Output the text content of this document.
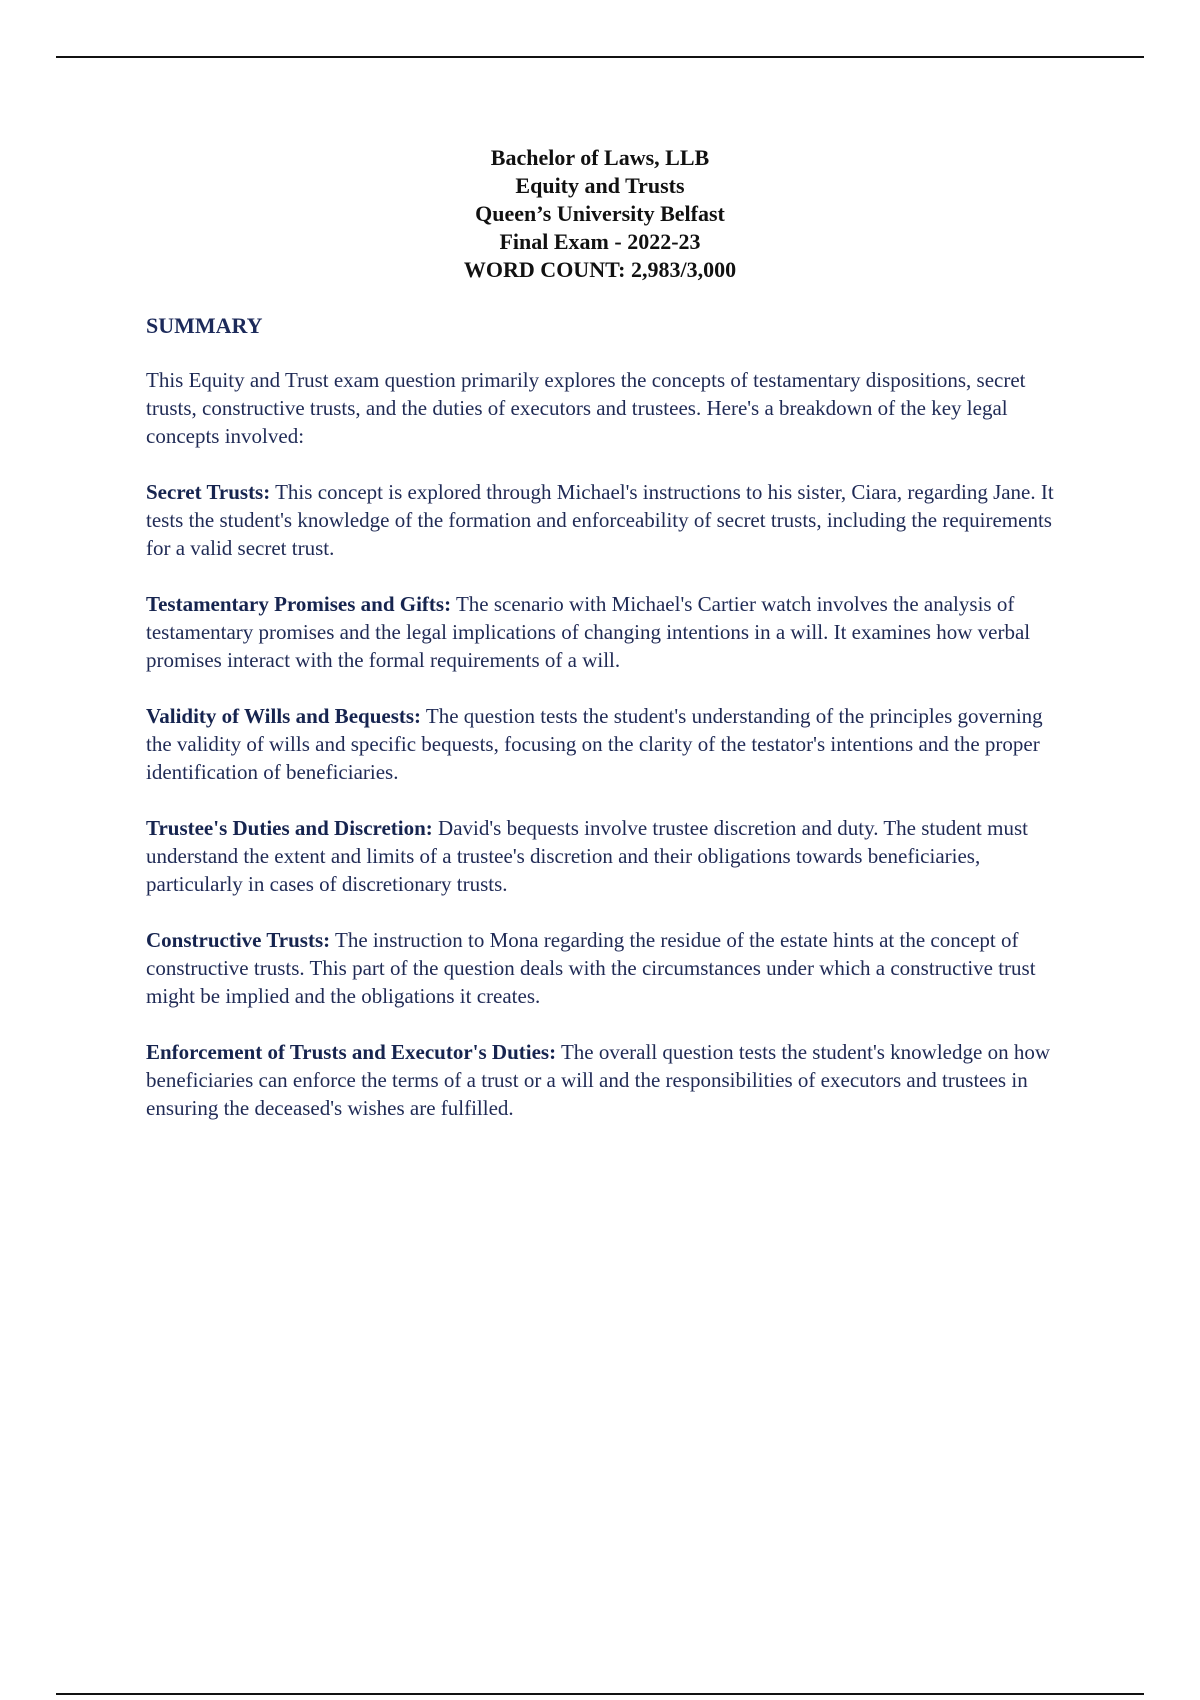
Bachelor of Laws, LLB
Equity and Trusts
Queen’s University Belfast
Final Exam - 2022-23
WORD COUNT: 2,983/3,000
SUMMARY

This Equity and Trust exam question primarily explores the concepts of testamentary dispositions, secret trusts, constructive trusts, and the duties of executors and trustees. Here's a breakdown of the key legal concepts involved:

Secret Trusts: This concept is explored through Michael's instructions to his sister, Ciara, regarding Jane. It tests the student's knowledge of the formation and enforceability of secret trusts, including the requirements for a valid secret trust.

Testamentary Promises and Gifts: The scenario with Michael's Cartier watch involves the analysis of testamentary promises and the legal implications of changing intentions in a will. It examines how verbal promises interact with the formal requirements of a will.

Validity of Wills and Bequests: The question tests the student's understanding of the principles governing the validity of wills and specific bequests, focusing on the clarity of the testator's intentions and the proper identification of beneficiaries.

Trustee's Duties and Discretion: David's bequests involve trustee discretion and duty. The student must understand the extent and limits of a trustee's discretion and their obligations towards beneficiaries, particularly in cases of discretionary trusts.

Constructive Trusts: The instruction to Mona regarding the residue of the estate hints at the concept of constructive trusts. This part of the question deals with the circumstances under which a constructive trust might be implied and the obligations it creates.

Enforcement of Trusts and Executor's Duties: The overall question tests the student's knowledge on how beneficiaries can enforce the terms of a trust or a will and the responsibilities of executors and trustees in ensuring the deceased's wishes are fulfilled.
